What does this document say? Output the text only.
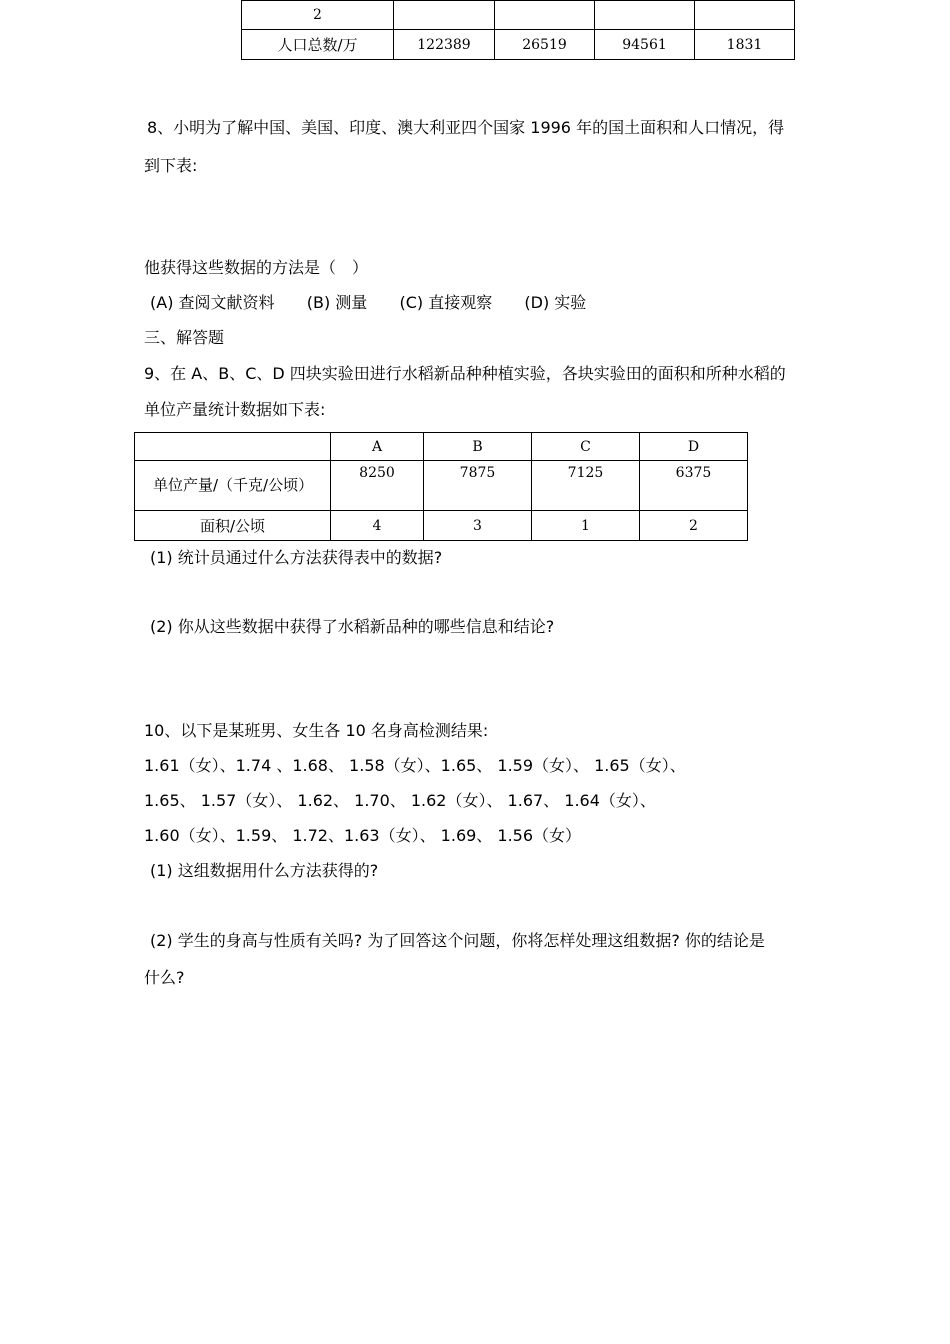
2				
人口总数/万	122389	26519	94561	1831
8、小明为了解中国、美国、印度、澳大利亚四个国家 1996 年的国土面积和人口情况，得
到下表:
他获得这些数据的方法是（　）
(A) 查阅文献资料 (B) 测量 (C) 直接观察 (D) 实验
三、解答题
9、在 A、B、C、D 四块实验田进行水稻新品种种植实验，各块实验田的面积和所种水稻的
单位产量统计数据如下表:
	A	B	C	D
单位产量/（千克/公顷）	8250	7875	7125	6375
面积/公顷	4	3	1	2
(1) 统计员通过什么方法获得表中的数据?
(2) 你从这些数据中获得了水稻新品种的哪些信息和结论?
10、以下是某班男、女生各 10 名身高检测结果:
1.61（女）、1.74 、1.68、 1.58（女）、1.65、 1.59（女）、 1.65（女）、
1.65、 1.57（女）、 1.62、 1.70、 1.62（女）、 1.67、 1.64（女）、
1.60（女）、1.59、 1.72、1.63（女）、 1.69、 1.56（女）
(1) 这组数据用什么方法获得的?
(2) 学生的身高与性质有关吗? 为了回答这个问题，你将怎样处理这组数据? 你的结论是
什么?
